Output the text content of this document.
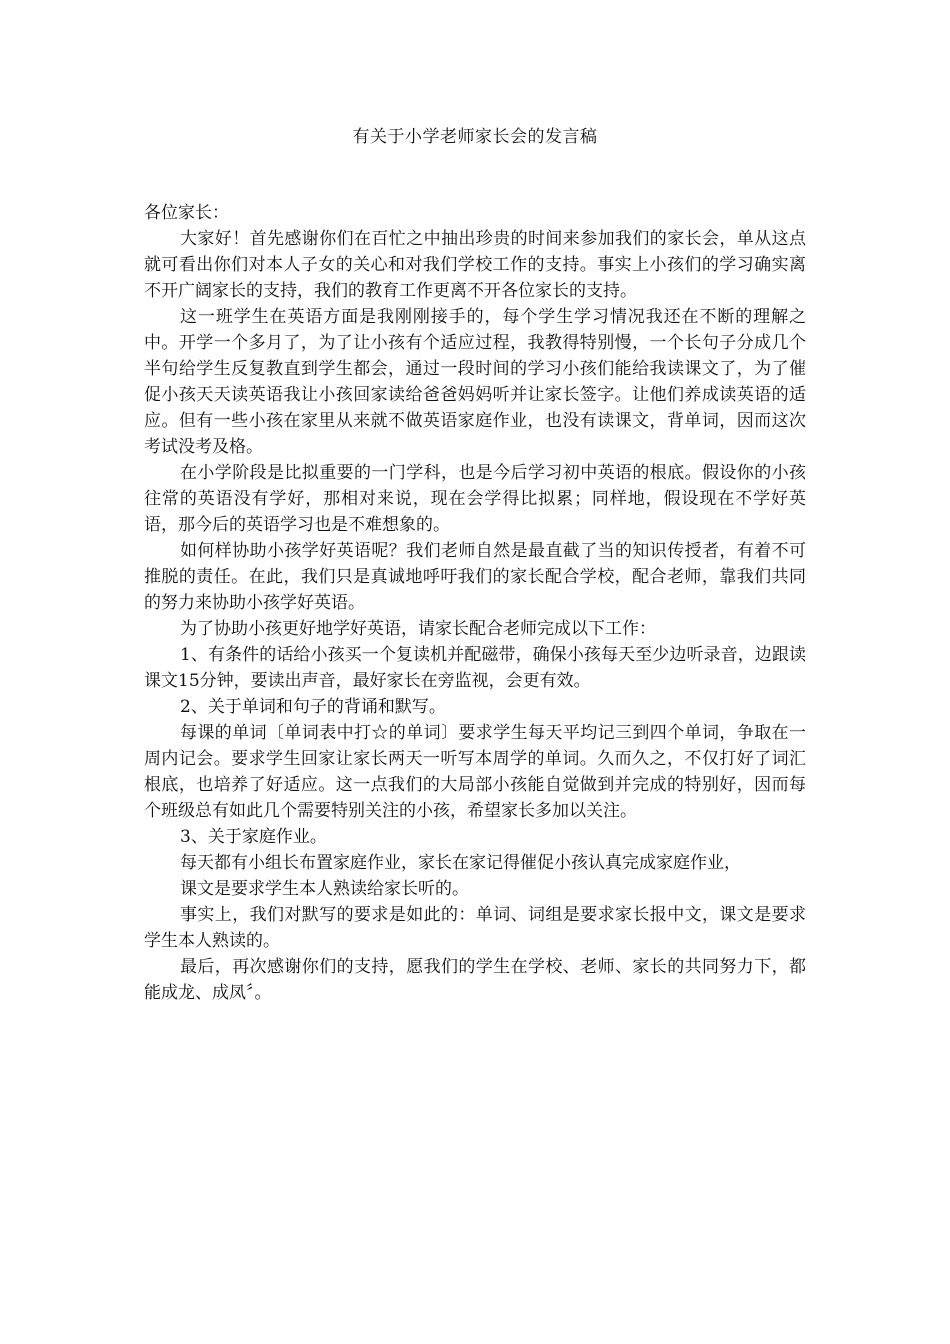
有关于小学老师家长会的发言稿

各位家长：

大家好！首先感谢你们在百忙之中抽出珍贵的时间来参加我们的家长会，单从这点就可看出你们对本人子女的关心和对我们学校工作的支持。事实上小孩们的学习确实离不开广阔家长的支持，我们的教育工作更离不开各位家长的支持。

这一班学生在英语方面是我刚刚接手的，每个学生学习情况我还在不断的理解之中。开学一个多月了，为了让小孩有个适应过程，我教得特别慢，一个长句子分成几个半句给学生反复教直到学生都会，通过一段时间的学习小孩们能给我读课文了，为了催促小孩天天读英语我让小孩回家读给爸爸妈妈听并让家长签字。让他们养成读英语的适应。但有一些小孩在家里从来就不做英语家庭作业，也没有读课文，背单词，因而这次考试没考及格。

在小学阶段是比拟重要的一门学科，也是今后学习初中英语的根底。假设你的小孩往常的英语没有学好，那相对来说，现在会学得比拟累；同样地，假设现在不学好英语，那今后的英语学习也是不难想象的。

如何样协助小孩学好英语呢？我们老师自然是最直截了当的知识传授者，有着不可推脱的责任。在此，我们只是真诚地呼吁我们的家长配合学校，配合老师，靠我们共同的努力来协助小孩学好英语。

为了协助小孩更好地学好英语，请家长配合老师完成以下工作：

1、有条件的话给小孩买一个复读机并配磁带，确保小孩每天至少边听录音，边跟读课文15分钟，要读出声音，最好家长在旁监视，会更有效。

2、关于单词和句子的背诵和默写。

每课的单词〔单词表中打☆的单词〕要求学生每天平均记三到四个单词，争取在一周内记会。要求学生回家让家长两天一听写本周学的单词。久而久之，不仅打好了词汇根底，也培养了好适应。这一点我们的大局部小孩能自觉做到并完成的特别好，因而每个班级总有如此几个需要特别关注的小孩，希望家长多加以关注。

3、关于家庭作业。

每天都有小组长布置家庭作业，家长在家记得催促小孩认真完成家庭作业，

课文是要求学生本人熟读给家长听的。

事实上，我们对默写的要求是如此的：单词、词组是要求家长报中文，课文是要求学生本人熟读的。

最后，再次感谢你们的支持，愿我们的学生在学校、老师、家长的共同努力下，都能成龙、成凤〞。
